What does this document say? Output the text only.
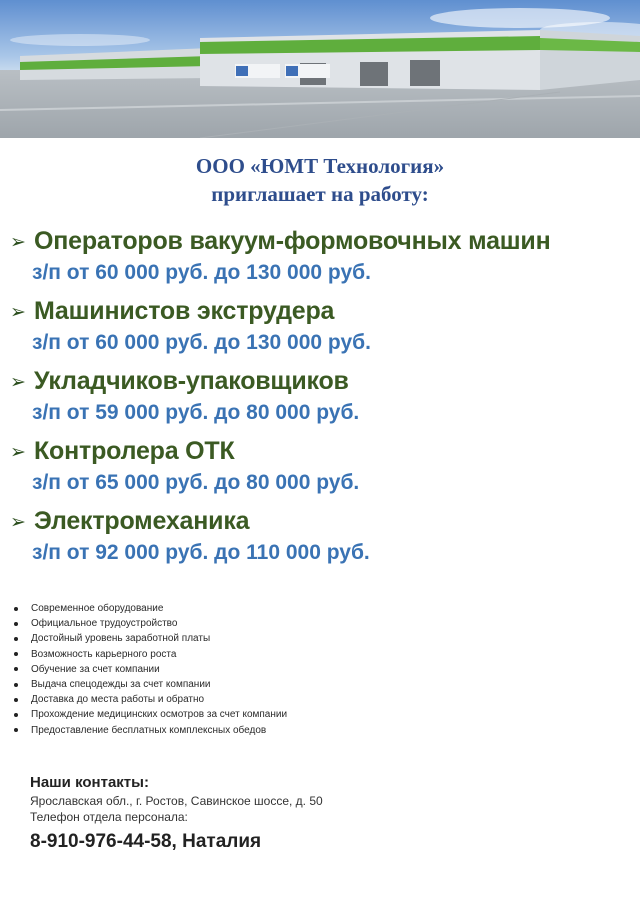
ООО «ЮМТ Технология»
приглашает на работу:
➢ Операторов вакуум-формовочных машин
з/п от 60 000 руб. до 130 000 руб.
➢ Машинистов экструдера
з/п от 60 000 руб. до 130 000 руб.
➢ Укладчиков-упаковщиков
з/п от 59 000 руб. до 80 000 руб.
➢ Контролера ОТК
з/п от 65 000 руб. до 80 000 руб.
➢ Электромеханика
з/п от 92 000 руб. до 110 000 руб.
Современное оборудование
Официальное трудоустройство
Достойный уровень заработной платы
Возможность карьерного роста
Обучение за счет компании
Выдача спецодежды за счет компании
Доставка до места работы и обратно
Прохождение медицинских осмотров за счет компании
Предоставление бесплатных комплексных обедов
Наши контакты:
Ярославская обл., г. Ростов, Савинское шоссе, д. 50
Телефон отдела персонала:
8-910-976-44-58, Наталия
